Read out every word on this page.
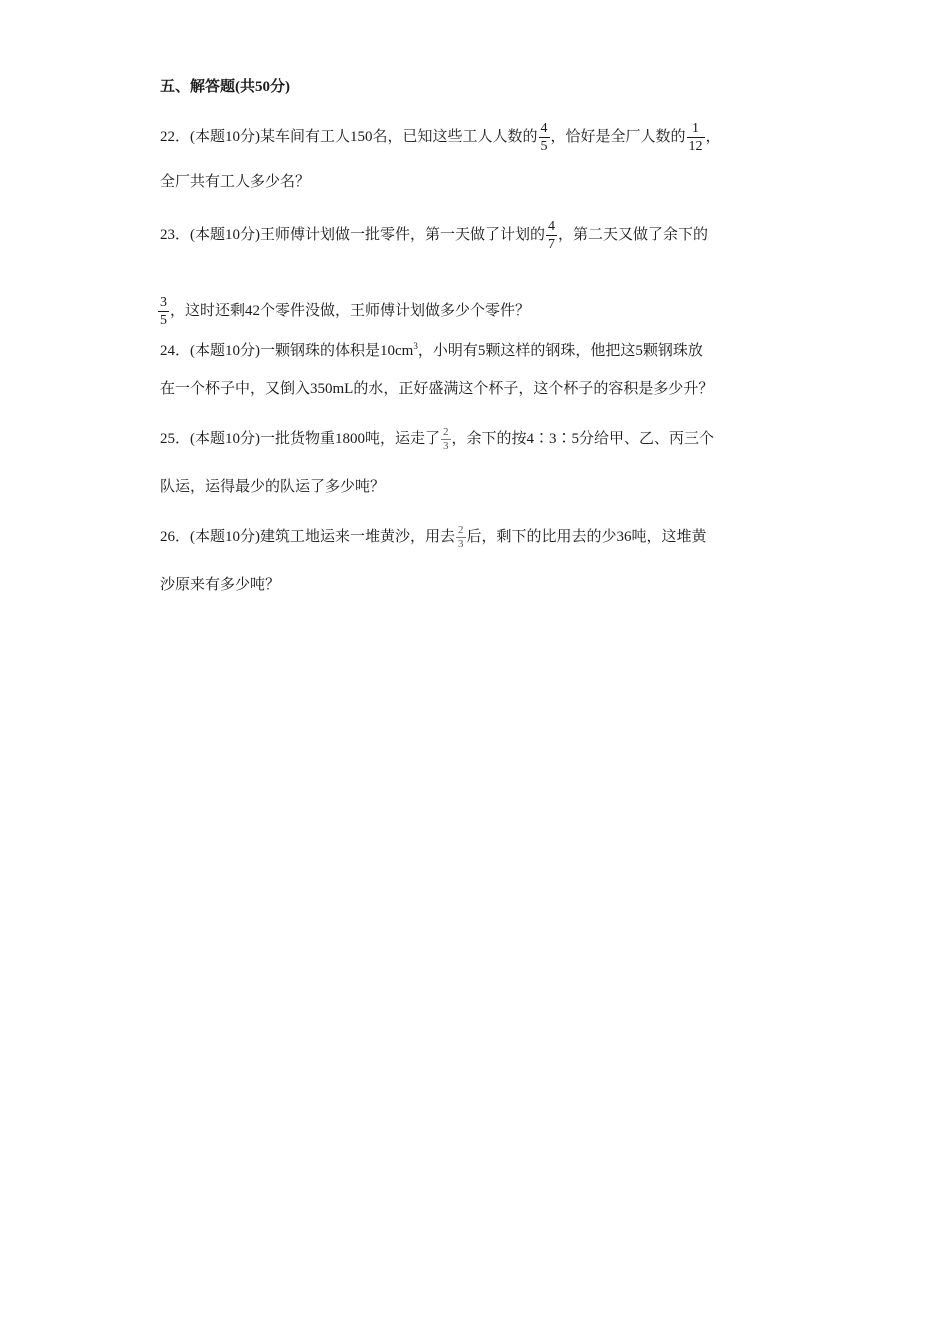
五、解答题(共50分)
22．(本题10分)某车间有工人150名，已知这些工人人数的 $\frac{4}{5}$ ，恰好是全厂人数的 $\frac{1}{12}$ ，
全厂共有工人多少名？
23．(本题10分)王师傅计划做一批零件，第一天做了计划的 $\frac{4}{7}$ ，第二天又做了余下的
$\frac{3}{5}$ ，这时还剩42个零件没做，王师傅计划做多少个零件？
24．(本题10分)一颗钢珠的体积是$10cm^3$，小明有5颗这样的钢珠，他把这5颗钢珠放
在一个杯子中，又倒入350mL的水，正好盛满这个杯子，这个杯子的容积是多少升？
25．(本题10分)一批货物重1800吨，运走了 $\frac{2}{3}$ ，余下的按4∶3∶5分给甲、乙、丙三个
队运，运得最少的队运了多少吨？
26．(本题10分)建筑工地运来一堆黄沙，用去 $\frac{2}{3}$ 后，剩下的比用去的少36吨，这堆黄
沙原来有多少吨？
